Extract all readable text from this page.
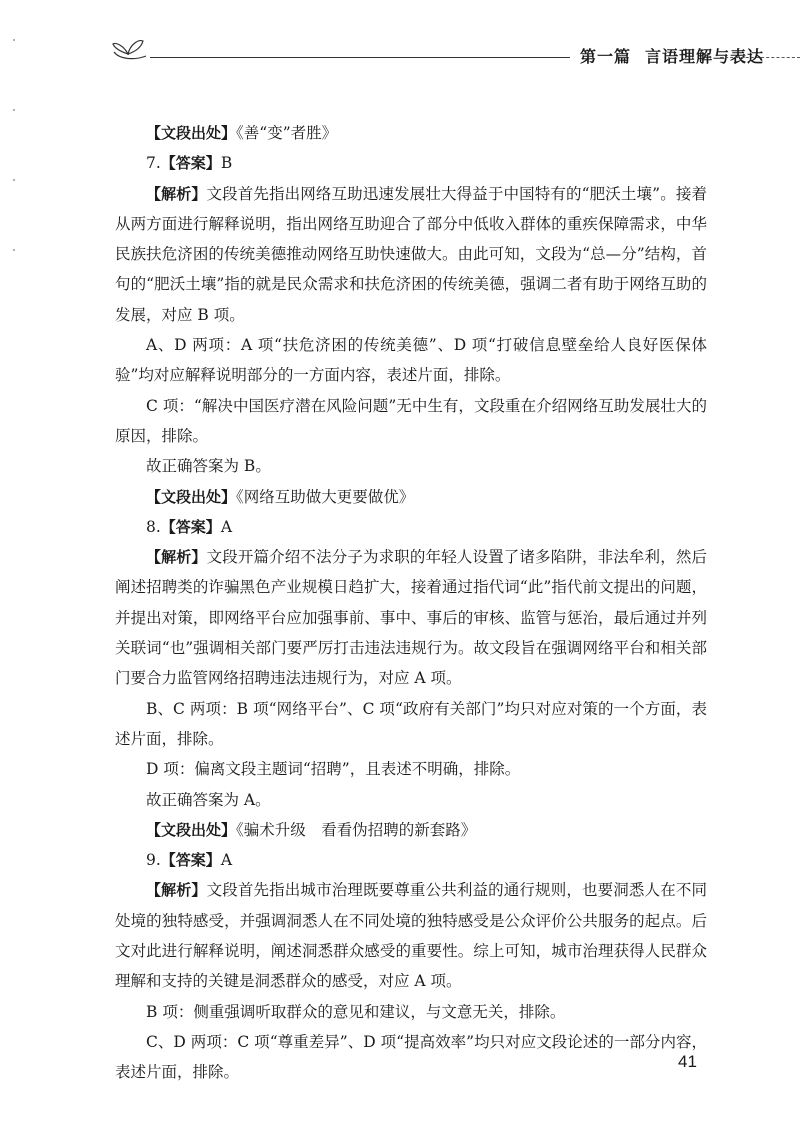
第一篇 言语理解与表达

【文段出处】《善“变”者胜》

7.【答案】B

【解析】文段首先指出网络互助迅速发展壮大得益于中国特有的“肥沃土壤”。接着从两方面进行解释说明，指出网络互助迎合了部分中低收入群体的重疾保障需求，中华民族扶危济困的传统美德推动网络互助快速做大。由此可知，文段为“总—分”结构，首句的“肥沃土壤”指的就是民众需求和扶危济困的传统美德，强调二者有助于网络互助的发展，对应 B 项。

A、D 两项：A 项“扶危济困的传统美德”、D 项“打破信息壁垒给人良好医保体验”均对应解释说明部分的一方面内容，表述片面，排除。

C 项：“解决中国医疗潜在风险问题”无中生有，文段重在介绍网络互助发展壮大的原因，排除。

故正确答案为 B。

【文段出处】《网络互助做大更要做优》

8.【答案】A

【解析】文段开篇介绍不法分子为求职的年轻人设置了诸多陷阱，非法牟利，然后阐述招聘类的诈骗黑色产业规模日趋扩大，接着通过指代词“此”指代前文提出的问题，并提出对策，即网络平台应加强事前、事中、事后的审核、监管与惩治，最后通过并列关联词“也”强调相关部门要严厉打击违法违规行为。故文段旨在强调网络平台和相关部门要合力监管网络招聘违法违规行为，对应 A 项。

B、C 两项：B 项“网络平台”、C 项“政府有关部门”均只对应对策的一个方面，表述片面，排除。

D 项：偏离文段主题词“招聘”，且表述不明确，排除。

故正确答案为 A。

【文段出处】《骗术升级　看看伪招聘的新套路》

9.【答案】A

【解析】文段首先指出城市治理既要尊重公共利益的通行规则，也要洞悉人在不同处境的独特感受，并强调洞悉人在不同处境的独特感受是公众评价公共服务的起点。后文对此进行解释说明，阐述洞悉群众感受的重要性。综上可知，城市治理获得人民群众理解和支持的关键是洞悉群众的感受，对应 A 项。

B 项：侧重强调听取群众的意见和建议，与文意无关，排除。

C、D 两项：C 项“尊重差异”、D 项“提高效率”均只对应文段论述的一部分内容，表述片面，排除。

41
